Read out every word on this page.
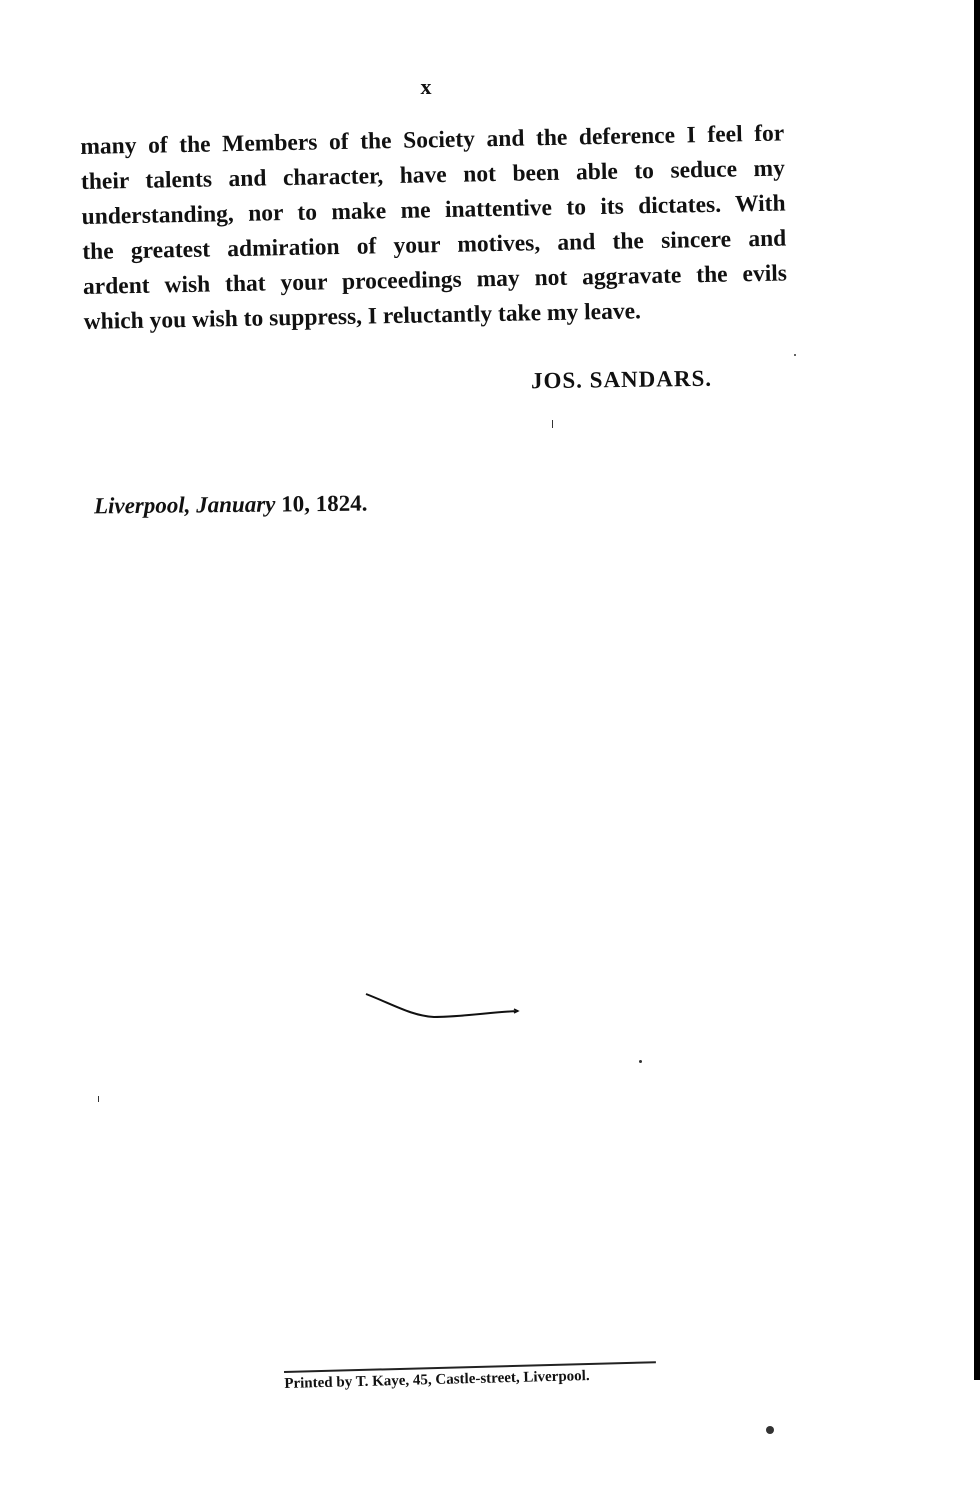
x
many of the Members of the Society and the deference I feel for
their talents and character, have not been able to seduce my
understanding, nor to make me inattentive to its dictates. With
the greatest admiration of your motives, and the sincere and
ardent wish that your proceedings may not aggravate the evils
which you wish to suppress, I reluctantly take my leave.
JOS. SANDARS.
Liverpool, January 10, 1824.
Printed by T. Kaye, 45, Castle-street, Liverpool.
